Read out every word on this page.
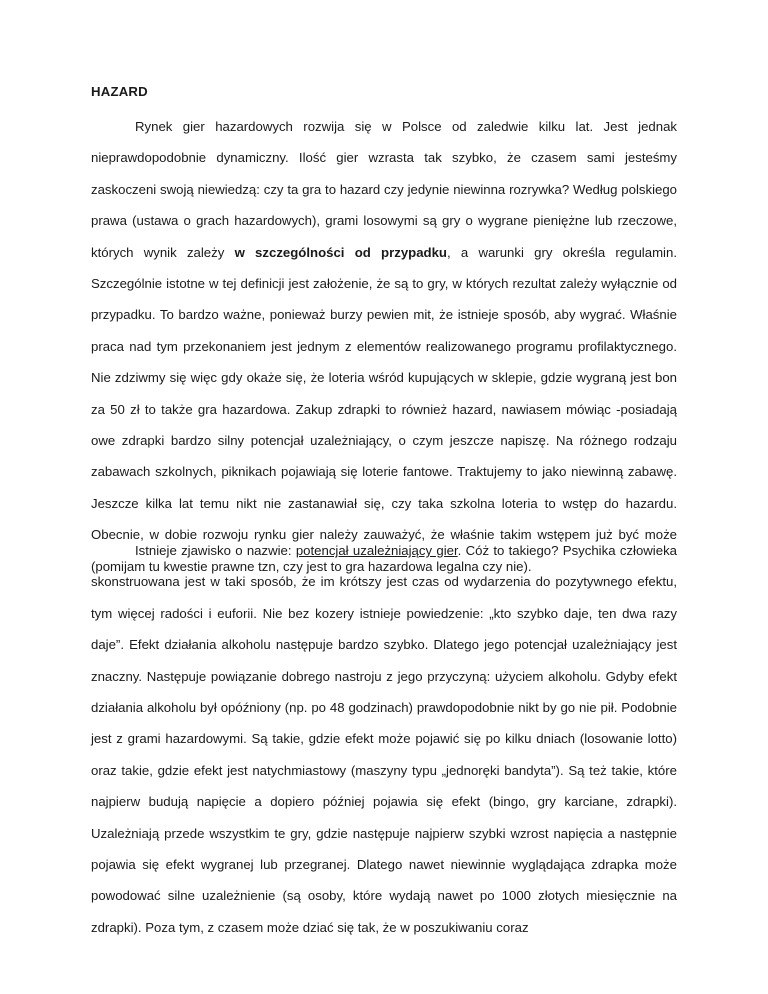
HAZARD

Rynek gier hazardowych rozwija się w Polsce od zaledwie kilku lat. Jest jednak nieprawdopodobnie dynamiczny. Ilość gier wzrasta tak szybko, że czasem sami jesteśmy zaskoczeni swoją niewiedzą: czy ta gra to hazard czy jedynie niewinna rozrywka? Według polskiego prawa (ustawa o grach hazardowych), grami losowymi są gry o wygrane pieniężne lub rzeczowe, których wynik zależy w szczególności od przypadku, a warunki gry określa regulamin. Szczególnie istotne w tej definicji jest założenie, że są to gry, w których rezultat zależy wyłącznie od przypadku. To bardzo ważne, ponieważ burzy pewien mit, że istnieje sposób, aby wygrać. Właśnie praca nad tym przekonaniem jest jednym z elementów realizowanego programu profilaktycznego. Nie zdziwmy się więc gdy okaże się, że loteria wśród kupujących w sklepie, gdzie wygraną jest bon za 50 zł to także gra hazardowa. Zakup zdrapki to również hazard, nawiasem mówiąc -posiadają owe zdrapki bardzo silny potencjał uzależniający, o czym jeszcze napiszę. Na różnego rodzaju zabawach szkolnych, piknikach pojawiają się loterie fantowe. Traktujemy to jako niewinną zabawę. Jeszcze kilka lat temu nikt nie zastanawiał się, czy taka szkolna loteria to wstęp do hazardu. Obecnie, w dobie rozwoju rynku gier należy zauważyć, że właśnie takim wstępem już być może (pomijam tu kwestie prawne tzn, czy jest to gra hazardowa legalna czy nie).

Istnieje zjawisko o nazwie: potencjał uzależniający gier. Cóż to takiego? Psychika człowieka skonstruowana jest w taki sposób, że im krótszy jest czas od wydarzenia do pozytywnego efektu, tym więcej radości i euforii. Nie bez kozery istnieje powiedzenie: „kto szybko daje, ten dwa razy daje”. Efekt działania alkoholu następuje bardzo szybko. Dlatego jego potencjał uzależniający jest znaczny. Następuje powiązanie dobrego nastroju z jego przyczyną: użyciem alkoholu. Gdyby efekt działania alkoholu był opóźniony (np. po 48 godzinach) prawdopodobnie nikt by go nie pił. Podobnie jest z grami hazardowymi. Są takie, gdzie efekt może pojawić się po kilku dniach (losowanie lotto) oraz takie, gdzie efekt jest natychmiastowy (maszyny typu „jednoręki bandyta”). Są też takie, które najpierw budują napięcie a dopiero później pojawia się efekt (bingo, gry karciane, zdrapki). Uzależniają przede wszystkim te gry, gdzie następuje najpierw szybki wzrost napięcia a następnie pojawia się efekt wygranej lub przegranej. Dlatego nawet niewinnie wyglądająca zdrapka może powodować silne uzależnienie (są osoby, które wydają nawet po 1000 złotych miesięcznie na zdrapki). Poza tym, z czasem może dziać się tak, że w poszukiwaniu coraz
